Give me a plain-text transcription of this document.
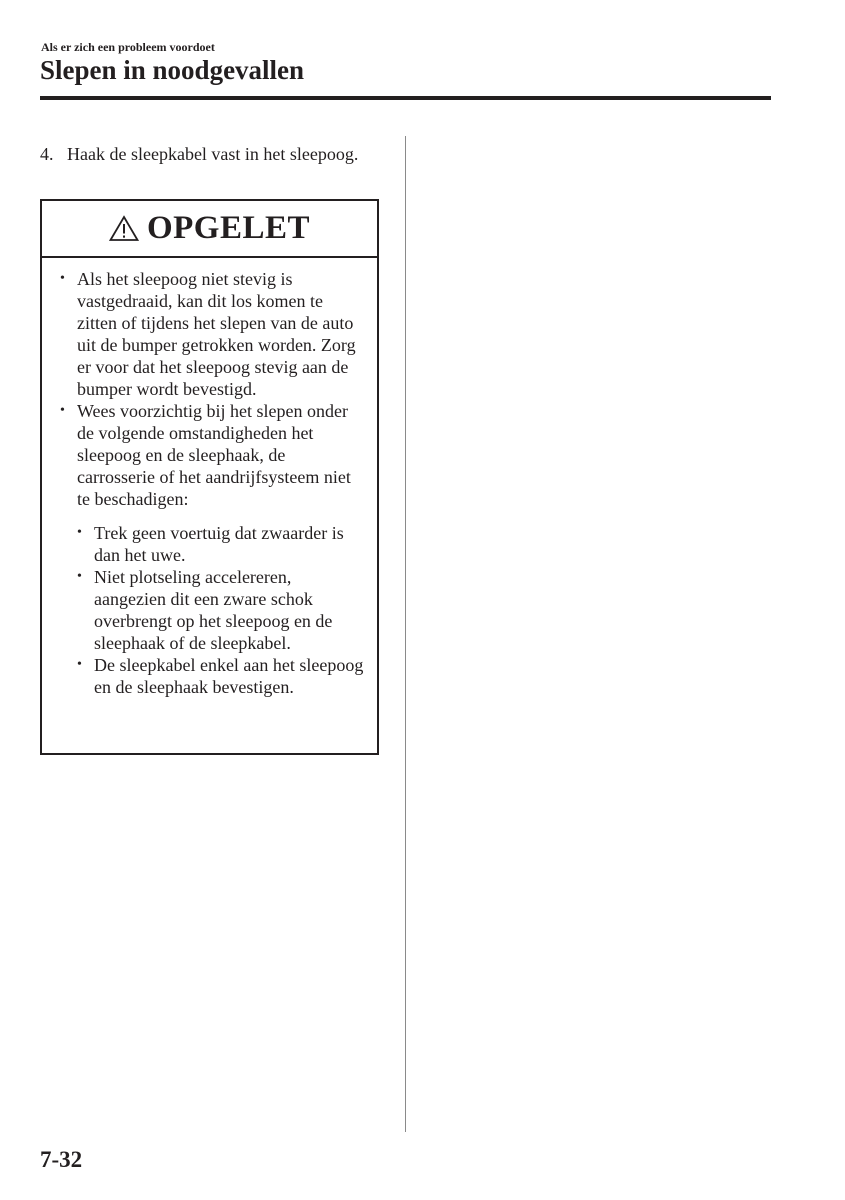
Als er zich een probleem voordoet
Slepen in noodgevallen
4. Haak de sleepkabel vast in het sleepoog.
OPGELET

• Als het sleepoog niet stevig is vastgedraaid, kan dit los komen te zitten of tijdens het slepen van de auto uit de bumper getrokken worden. Zorg er voor dat het sleepoog stevig aan de bumper wordt bevestigd.

• Wees voorzichtig bij het slepen onder de volgende omstandigheden het sleepoog en de sleephaak, de carrosserie of het aandrijfsysteem niet te beschadigen:

• Trek geen voertuig dat zwaarder is dan het uwe.

• Niet plotseling accelereren, aangezien dit een zware schok overbrengt op het sleepoog en de sleephaak of de sleepkabel.

• De sleepkabel enkel aan het sleepoog en de sleephaak bevestigen.

7-32
